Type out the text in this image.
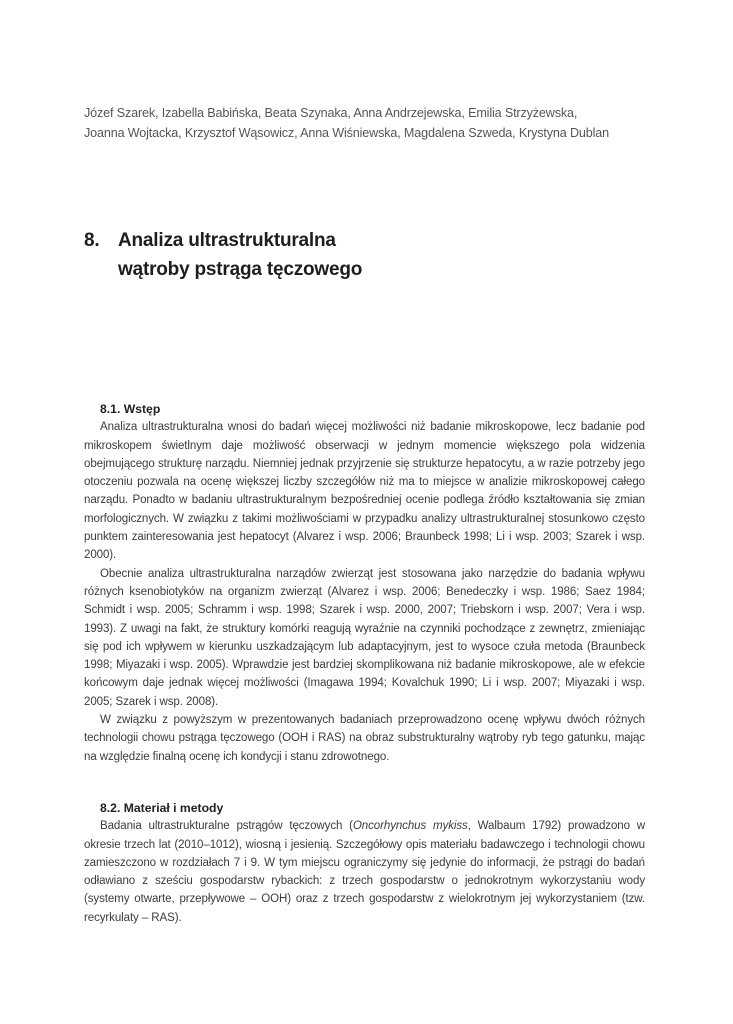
Józef Szarek, Izabella Babińska, Beata Szynaka, Anna Andrzejewska, Emilia Strzyżewska,
Joanna Wojtacka, Krzysztof Wąsowicz, Anna Wiśniewska, Magdalena Szweda, Krystyna Dublan
8. Analiza ultrastrukturalna
wątroby pstrąga tęczowego
8.1. Wstęp

Analiza ultrastrukturalna wnosi do badań więcej możliwości niż badanie mikroskopowe, lecz badanie pod mikroskopem świetlnym daje możliwość obserwacji w jednym momencie większego pola widzenia obejmującego strukturę narządu. Niemniej jednak przyjrzenie się strukturze hepatocytu, a w razie potrzeby jego otoczeniu pozwala na ocenę większej liczby szczegółów niż ma to miejsce w analizie mikroskopowej całego narządu. Ponadto w badaniu ultrastrukturalnym bezpośredniej ocenie podlega źródło kształtowania się zmian morfologicznych. W związku z takimi możliwościami w przypadku analizy ultrastrukturalnej stosunkowo często punktem zainteresowania jest hepatocyt (Alvarez i wsp. 2006; Braunbeck 1998; Li i wsp. 2003; Szarek i wsp. 2000).

Obecnie analiza ultrastrukturalna narządów zwierząt jest stosowana jako narzędzie do badania wpływu różnych ksenobiotyków na organizm zwierząt (Alvarez i wsp. 2006; Benedeczky i wsp. 1986; Saez 1984; Schmidt i wsp. 2005; Schramm i wsp. 1998; Szarek i wsp. 2000, 2007; Triebskorn i wsp. 2007; Vera i wsp. 1993). Z uwagi na fakt, że struktury komórki reagują wyraźnie na czynniki pochodzące z zewnętrz, zmieniając się pod ich wpływem w kierunku uszkadzającym lub adaptacyjnym, jest to wysoce czuła metoda (Braunbeck 1998; Miyazaki i wsp. 2005). Wprawdzie jest bardziej skomplikowana niż badanie mikroskopowe, ale w efekcie końcowym daje jednak więcej możliwości (Imagawa 1994; Kovalchuk 1990; Li i wsp. 2007; Miyazaki i wsp. 2005; Szarek i wsp. 2008).

W związku z powyższym w prezentowanych badaniach przeprowadzono ocenę wpływu dwóch różnych technologii chowu pstrąga tęczowego (OOH i RAS) na obraz substrukturalny wątroby ryb tego gatunku, mając na względzie finalną ocenę ich kondycji i stanu zdrowotnego.

8.2. Materiał i metody

Badania ultrastrukturalne pstrągów tęczowych (Oncorhynchus mykiss, Walbaum 1792) prowadzono w okresie trzech lat (2010–1012), wiosną i jesienią. Szczegółowy opis materiału badawczego i technologii chowu zamieszczono w rozdziałach 7 i 9. W tym miejscu ograniczymy się jedynie do informacji, że pstrągi do badań odławiano z sześciu gospodarstw rybackich: z trzech gospodarstw o jednokrotnym wykorzystaniu wody (systemy otwarte, przepływowe – OOH) oraz z trzech gospodarstw z wielokrotnym jej wykorzystaniem (tzw. recyrkulaty – RAS).
